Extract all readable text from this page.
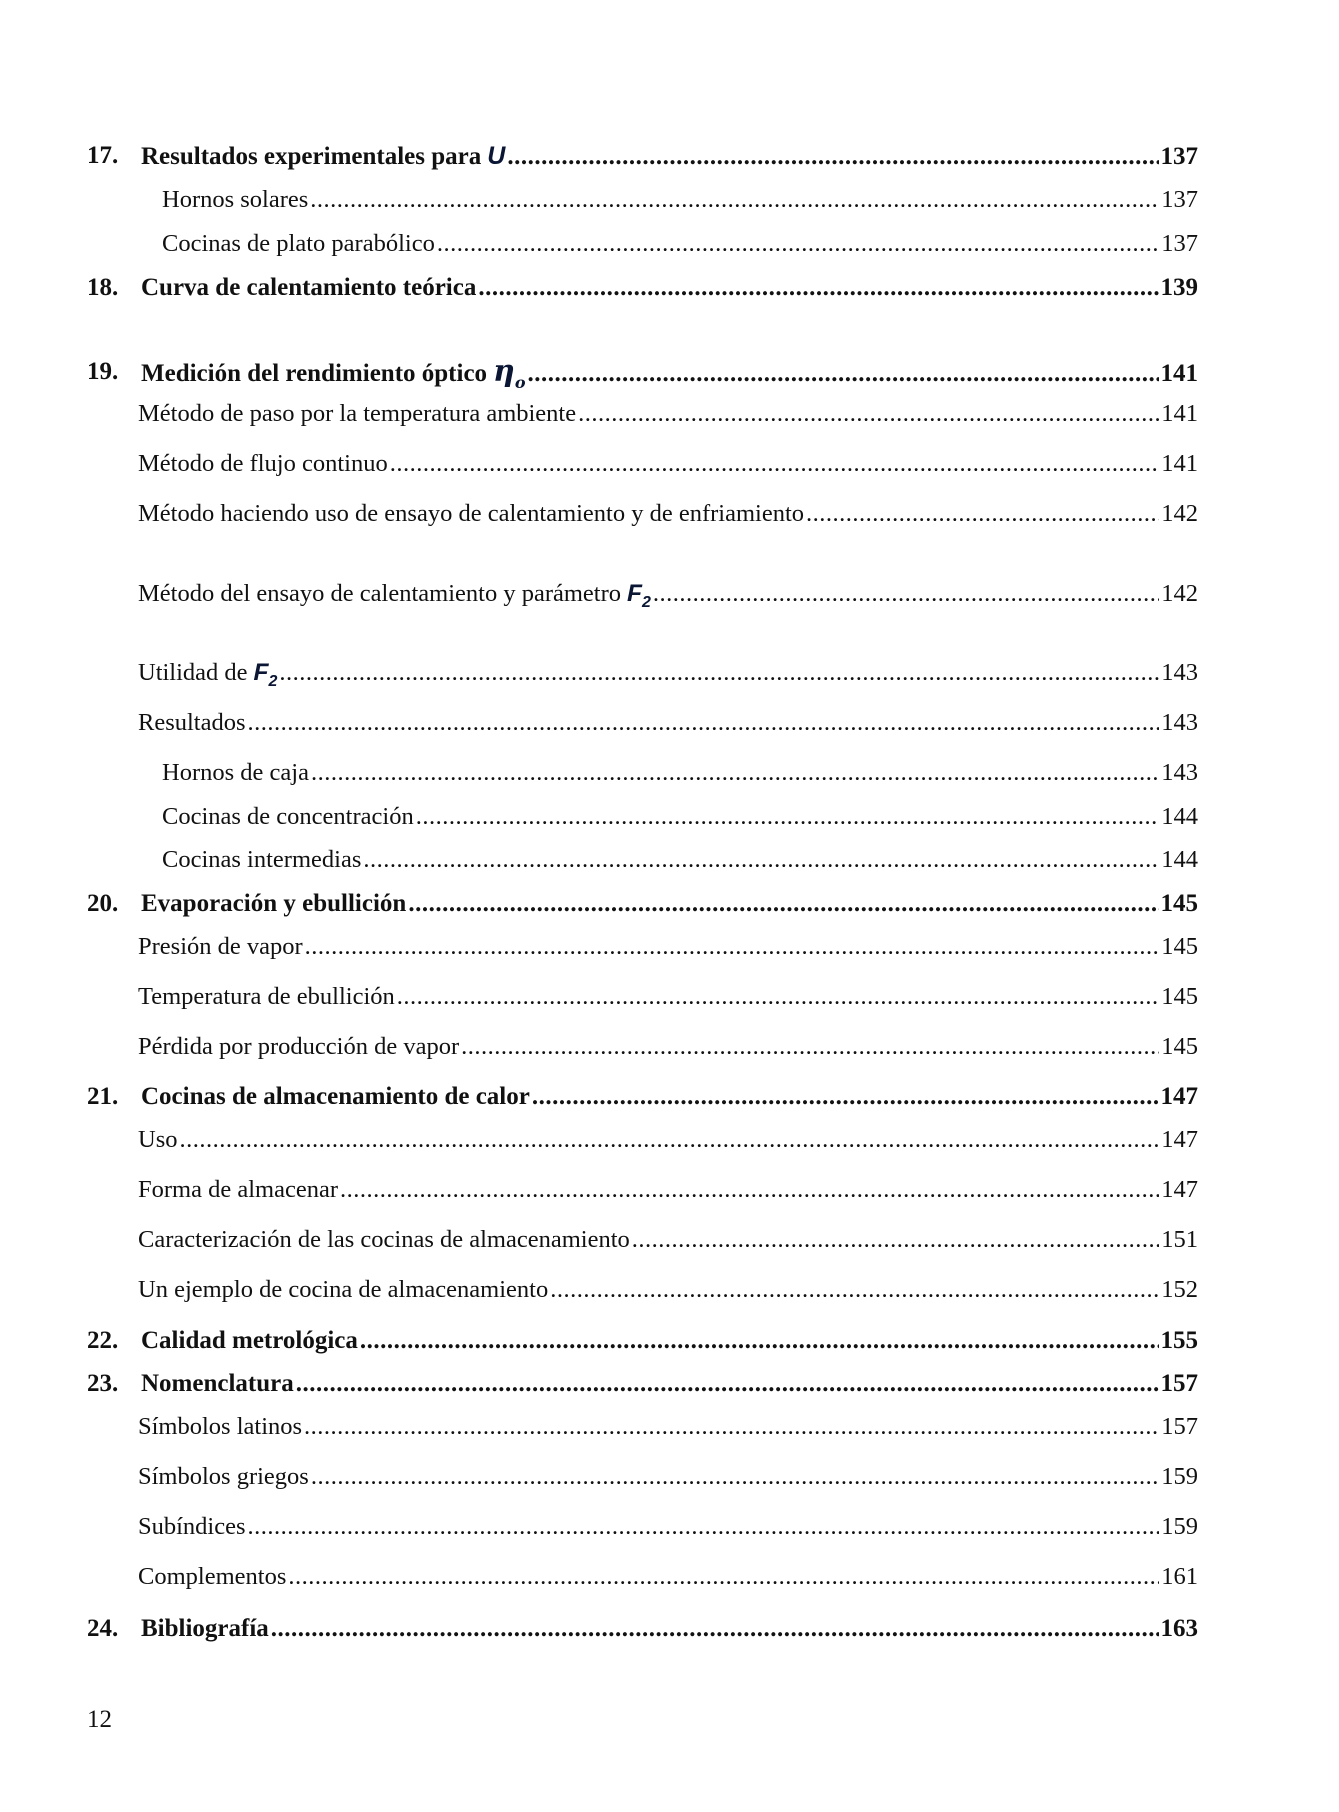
17. Resultados experimentales para U .....	137
Hornos solares .....	137
Cocinas de plato parabólico .....	137
18. Curva de calentamiento teórica .....	139
19. Medición del rendimiento óptico $\eta_o$ .....	141
Método de paso por la temperatura ambiente .....	141
Método de flujo continuo .....	141
Método haciendo uso de ensayo de calentamiento y de enfriamiento .....	142
Método del ensayo de calentamiento y parámetro $F_2$ .....	142
Utilidad de $F_2$ .....	143
Resultados .....	143
Hornos de caja .....	143
Cocinas de concentración .....	144
Cocinas intermedias .....	144
20. Evaporación y ebullición .....	145
Presión de vapor .....	145
Temperatura de ebullición .....	145
Pérdida por producción de vapor .....	145
21. Cocinas de almacenamiento de calor .....	147
Uso .....	147
Forma de almacenar .....	147
Caracterización de las cocinas de almacenamiento .....	151
Un ejemplo de cocina de almacenamiento .....	152
22. Calidad metrológica .....	155
23. Nomenclatura .....	157
Símbolos latinos .....	157
Símbolos griegos .....	159
Subíndices .....	159
Complementos .....	161
24. Bibliografía .....	163
12
